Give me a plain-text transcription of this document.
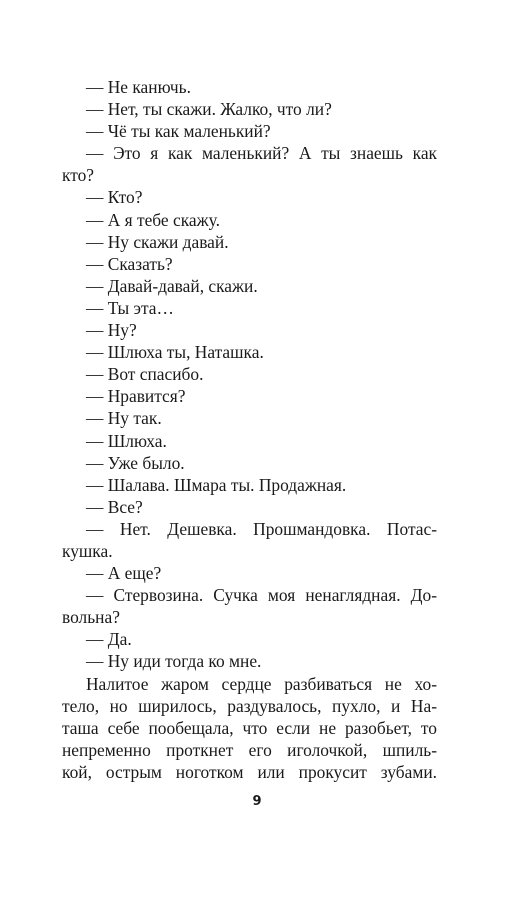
— Не канючь.
— Нет, ты скажи. Жалко, что ли?
— Чё ты как маленький?
— Это я как маленький? А ты знаешь как
кто?
— Кто?
— А я тебе скажу.
— Ну скажи давай.
— Сказать?
— Давай-давай, скажи.
— Ты эта…
— Ну?
— Шлюха ты, Наташка.
— Вот спасибо.
— Нравится?
— Ну так.
— Шлюха.
— Уже было.
— Шалава. Шмара ты. Продажная.
— Все?
— Нет. Дешевка. Прошмандовка. Потас-
кушка.
— А еще?
— Стервозина. Сучка моя ненаглядная. До-
вольна?
— Да.
— Ну иди тогда ко мне.
Налитое жаром сердце разбиваться не хо-
тело, но ширилось, раздувалось, пухло, и На-
таша себе пообещала, что если не разобьет, то
непременно проткнет его иголочкой, шпиль-
кой, острым ноготком или прокусит зубами.
9
